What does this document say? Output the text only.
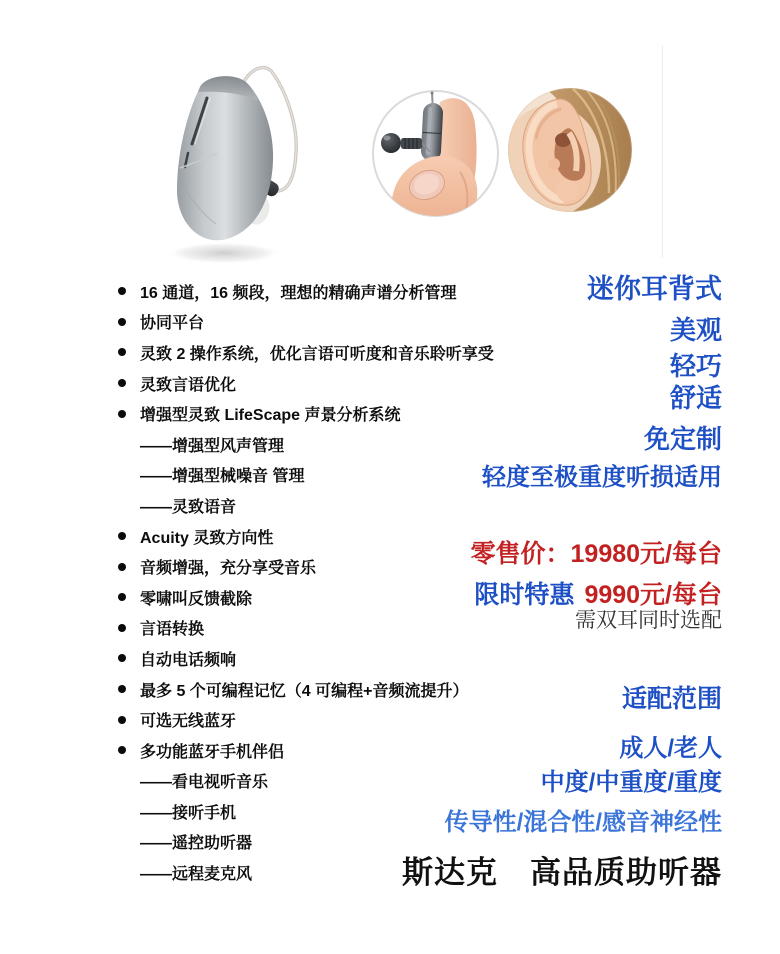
16 通道，16 频段，理想的精确声谱分析管理
协同平台
灵致 2 操作系统，优化言语可听度和音乐聆听享受
灵致言语优化
增强型灵致 LifeScape 声景分析系统
——增强型风声管理
——增强型械噪音 管理
——灵致语音
Acuity 灵致方向性
音频增强，充分享受音乐
零啸叫反馈截除
言语转换
自动电话频响
最多 5 个可编程记忆（4 可编程+音频流提升）
可选无线蓝牙
多功能蓝牙手机伴侣
——看电视听音乐
——接听手机
——遥控助听器
——远程麦克风
迷你耳背式
美观
轻巧
舒适
免定制
轻度至极重度听损适用
零售价：19980元/每台
限时特惠 9990元/每台
需双耳同时选配
适配范围
成人/老人
中度/中重度/重度
传导性/混合性/感音神经性
斯达克　高品质助听器
